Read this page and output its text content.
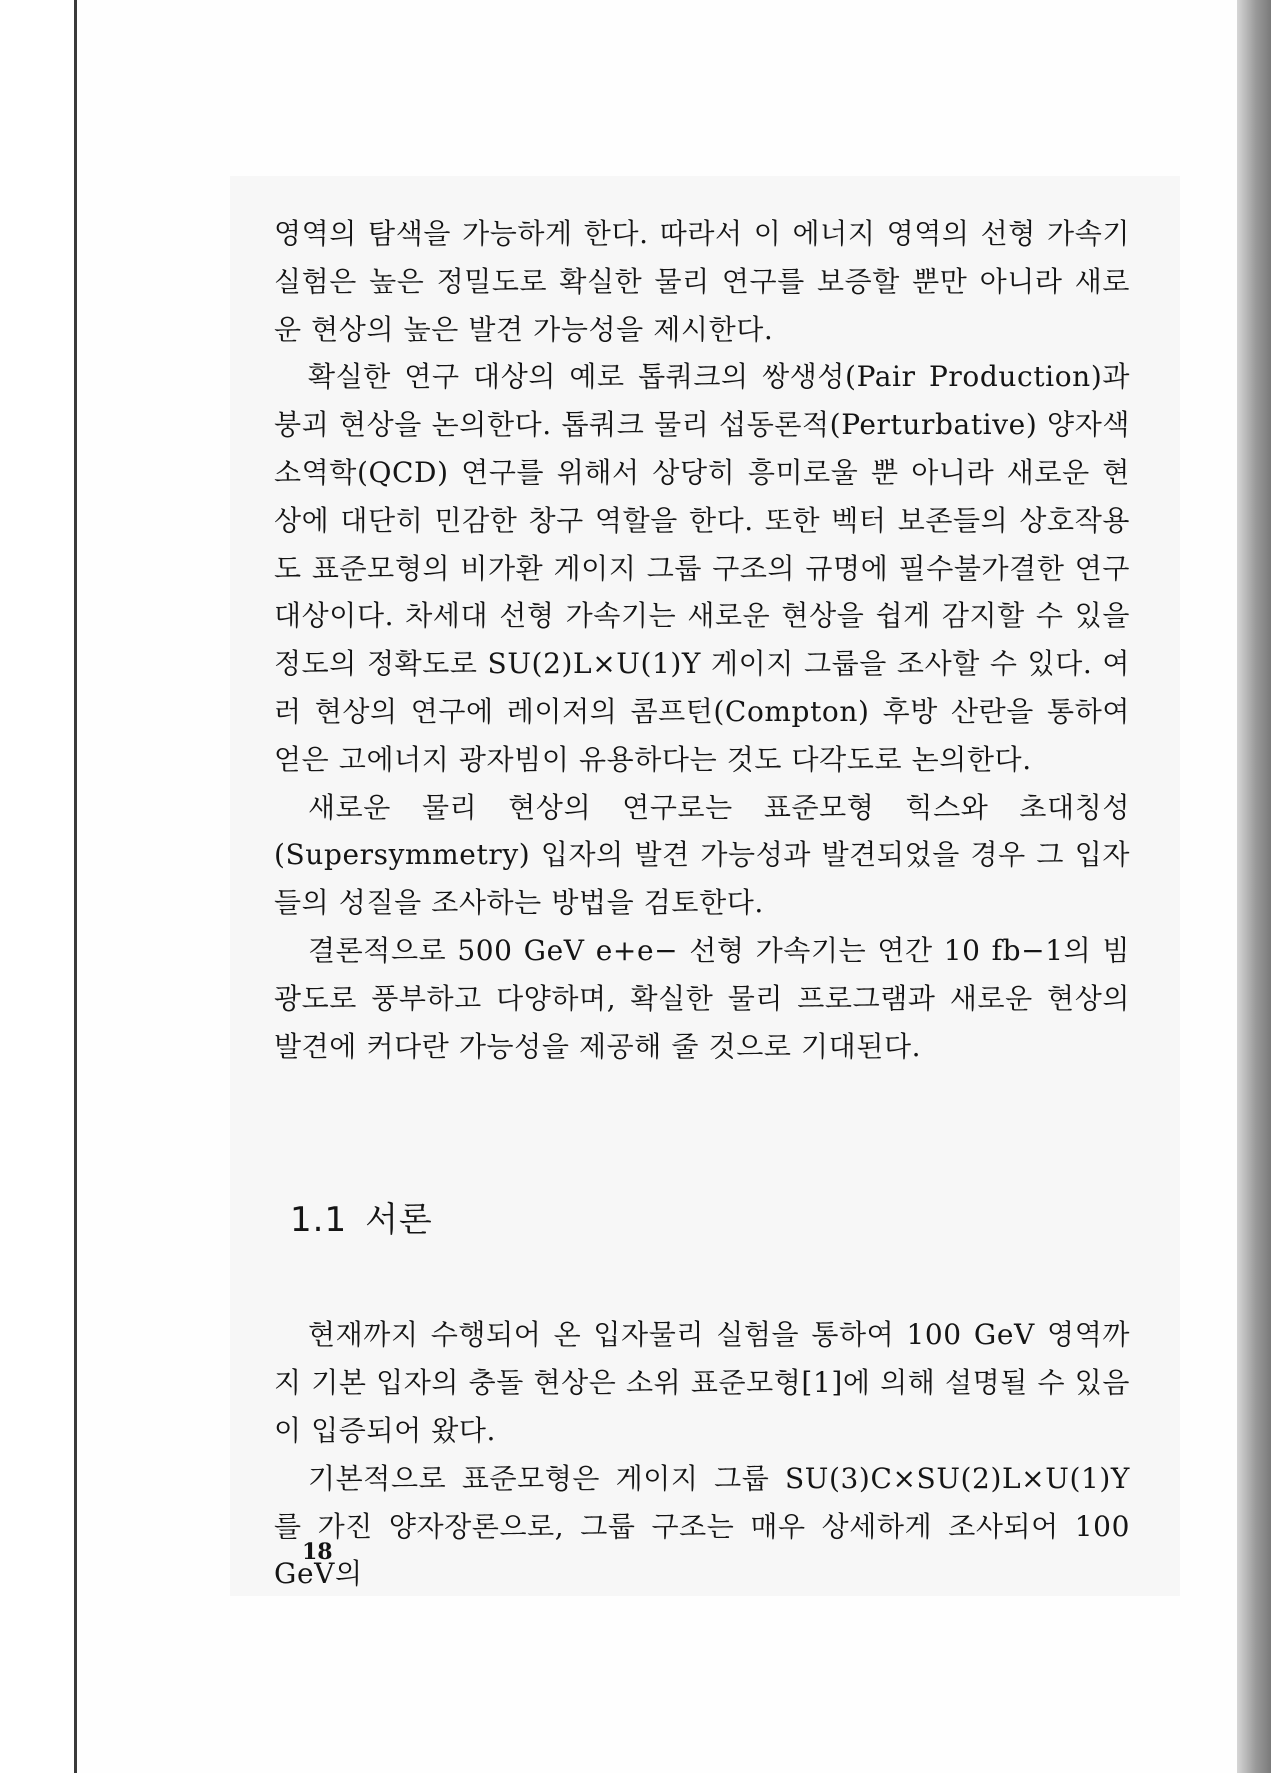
영역의 탐색을 가능하게 한다. 따라서 이 에너지 영역의 선형 가속기 실험은 높은 정밀도로 확실한 물리 연구를 보증할 뿐만 아니라 새로운 현상의 높은 발견 가능성을 제시한다.

확실한 연구 대상의 예로 톱쿼크의 쌍생성(Pair Production)과 붕괴 현상을 논의한다. 톱쿼크 물리 섭동론적(Perturbative) 양자색소역학(QCD) 연구를 위해서 상당히 흥미로울 뿐 아니라 새로운 현상에 대단히 민감한 창구 역할을 한다. 또한 벡터 보존들의 상호작용도 표준모형의 비가환 게이지 그룹 구조의 규명에 필수불가결한 연구 대상이다. 차세대 선형 가속기는 새로운 현상을 쉽게 감지할 수 있을 정도의 정확도로 SU(2)L×U(1)Y 게이지 그룹을 조사할 수 있다. 여러 현상의 연구에 레이저의 콤프턴(Compton) 후방 산란을 통하여 얻은 고에너지 광자빔이 유용하다는 것도 다각도로 논의한다.

새로운 물리 현상의 연구로는 표준모형 힉스와 초대칭성(Supersymmetry) 입자의 발견 가능성과 발견되었을 경우 그 입자들의 성질을 조사하는 방법을 검토한다.

결론적으로 500 GeV e+e− 선형 가속기는 연간 10 fb−1의 빔 광도로 풍부하고 다양하며, 확실한 물리 프로그램과 새로운 현상의 발견에 커다란 가능성을 제공해 줄 것으로 기대된다.

1.1 서론

현재까지 수행되어 온 입자물리 실험을 통하여 100 GeV 영역까지 기본 입자의 충돌 현상은 소위 표준모형[1]에 의해 설명될 수 있음이 입증되어 왔다.

기본적으로 표준모형은 게이지 그룹 SU(3)C×SU(2)L×U(1)Y를 가진 양자장론으로, 그룹 구조는 매우 상세하게 조사되어 100 GeV의

18
